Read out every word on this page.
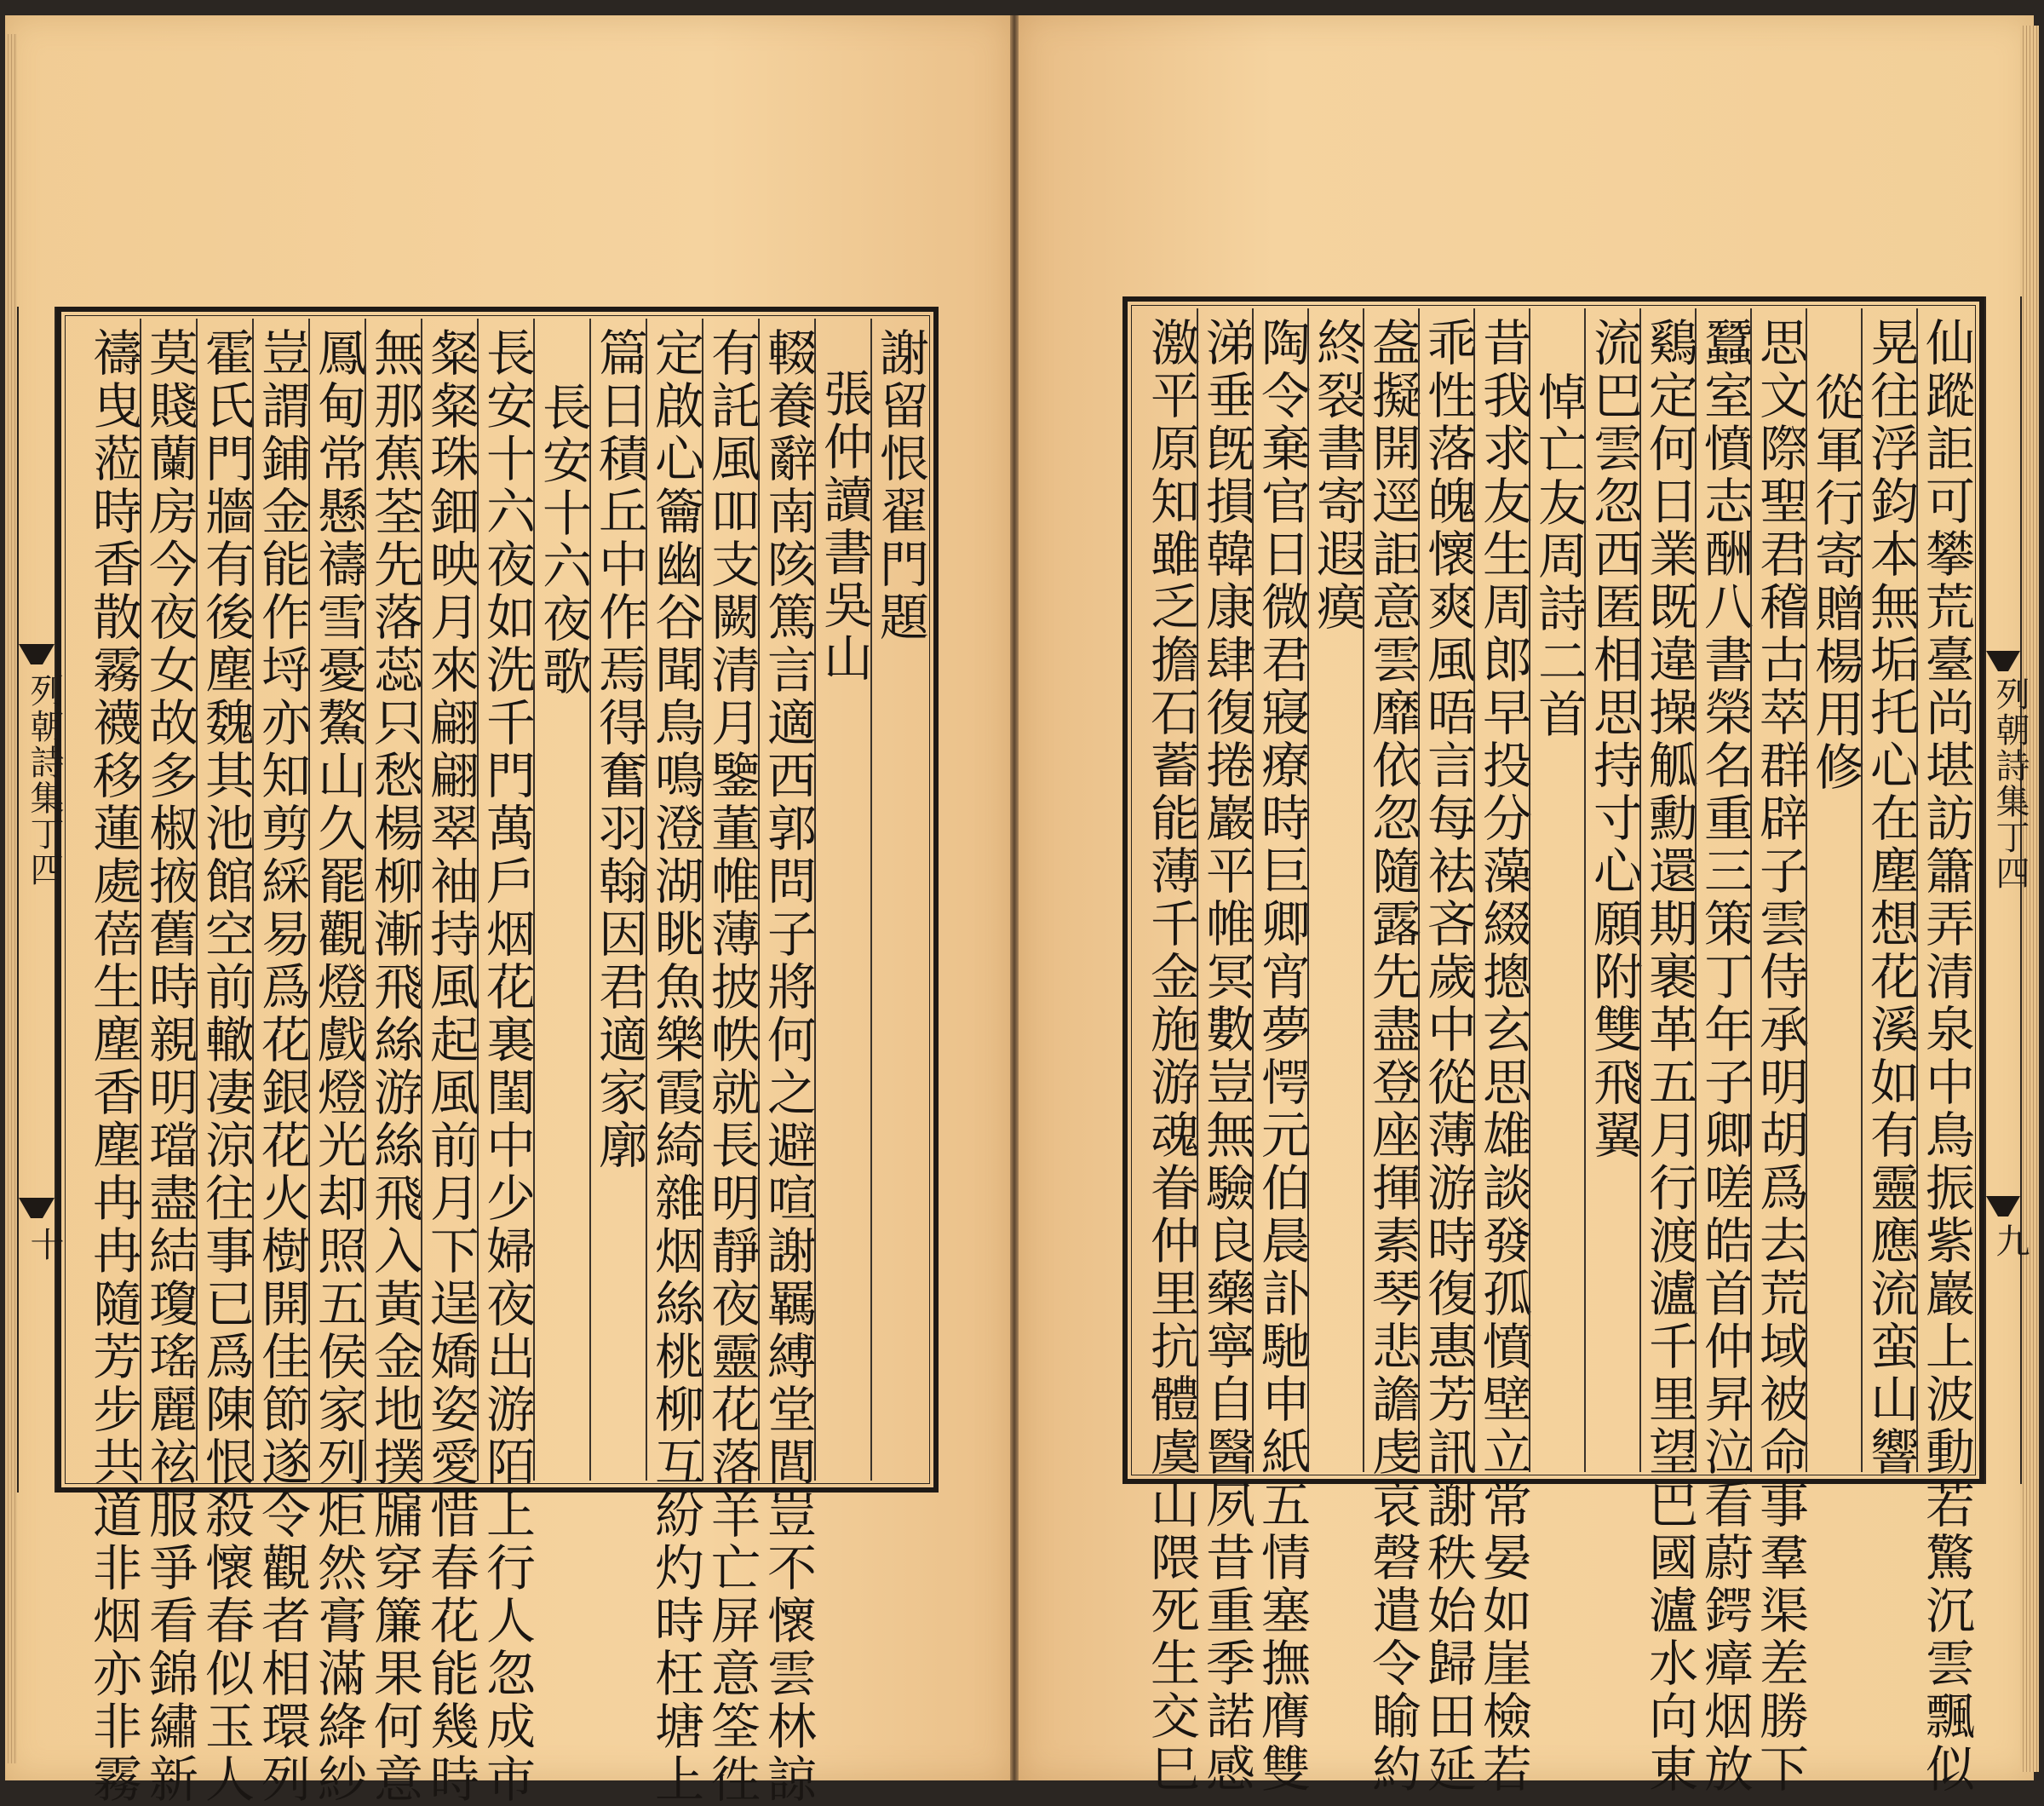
謝留恨翟門題
張仲讀書吳山
輟養辭南陔篤言適西郭問子將何之避喧謝羈縛堂閭豈不懷雲林諒
有託風吅支闕清月鑒董帷薄披帙就長明靜夜靈花落羊亡屏意筌徃
定啟心籥幽谷聞鳥鳴澄湖眺魚樂霞綺雜烟絲桃柳互紛灼時枉塘上
篇日積丘中作焉得奮羽翰因君適家廓
長安十六夜歌
長安十六夜如洗千門萬戶烟花裏閨中少婦夜出游陌上行人忽成市
粲粲珠鈿映月來翩翩翠袖持風起風前月下逞嬌姿愛惜春花能幾時
無那蕉荃先落蕊只愁楊柳漸飛絲游絲飛入黃金地撲牖穿簾果何意
鳳甸常懸禱雪憂鰲山久罷觀燈戲燈光却照五侯家列炬然膏滿絳紗
豈謂鋪金能作埒亦知剪綵易爲花銀花火樹開佳節遂令觀者相環列
霍氏門牆有後塵魏其池館空前轍凄涼往事已爲陳恨殺懷春似玉人
莫賤蘭房今夜女故多椒掖舊時親明璫盡結瓊瑤麗袨服爭看錦繡新
禱曳蒞時香散霧襪移蓮處蓓生塵香塵冉冉隨芳步共道非烟亦非霧
列朝詩集丁四
十	仙蹤詎可攀荒臺尚堪訪簫弄清泉中鳥振紫巖上波動若驚沉雲飄似
晃往浮鈞本無垢托心在塵想花溪如有靈應流蛮山響
從軍行寄贈楊用修
思文際聖君稽古萃群辟子雲侍承明胡爲去荒域被命事羣渠差勝下
蠶室憤志酬八書榮名重三策丁年子卿嗟皓首仲昇泣看蔚鍔瘴烟放
鷄定何日業既違操觚勳還期裹革五月行渡瀘千里望巴國瀘水向東
流巴雲忽西匿相思持寸心願附雙飛翼
悼亡友周詩二首
昔我求友生周郎早投分藻綴摠玄思雄談發孤憤壁立常晏如崖檢若
乖性落魄懷爽風晤言每袪吝歲中從薄游時復惠芳訊謝秩始歸田延
盋擬開逕詎意雲靡依忽隨露先盡登座揮素琴悲譫虔哀磬遣令睮約
終裂書寄遐瘼
陶令棄官日微君寢療時巨卿宵夢愕元伯晨訃馳申紙五情塞撫膺雙
涕垂旣損韓康肆復捲巖平帷冥數豈無驗良藥寧自醫夙昔重季諾感
激平原知雖乏擔石蓄能薄千金施游魂眷仲里抗體虞山隈死生交巳	列朝詩集丁四
九
